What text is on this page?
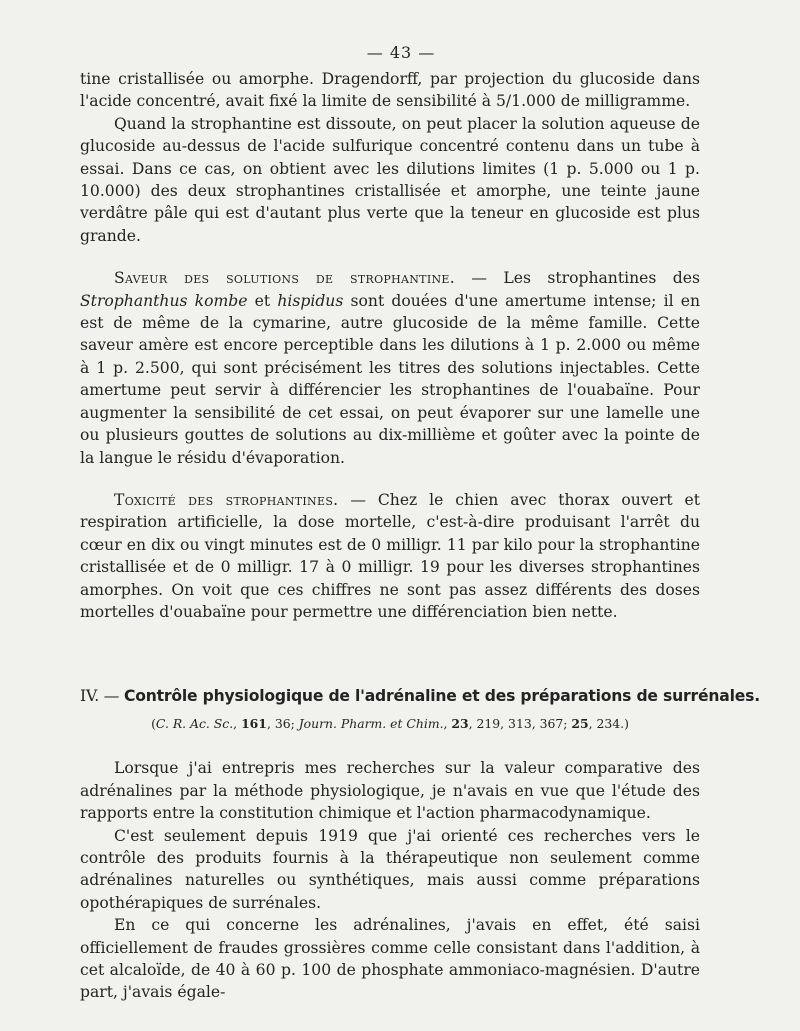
— 43 —

tine cristallisée ou amorphe. Dragendorff, par projection du glucoside dans l'acide concentré, avait fixé la limite de sensibilité à 5/1.000 de milligramme.

Quand la strophantine est dissoute, on peut placer la solution aqueuse de glucoside au-dessus de l'acide sulfurique concentré contenu dans un tube à essai. Dans ce cas, on obtient avec les dilutions limites (1 p. 5.000 ou 1 p. 10.000) des deux strophantines cristallisée et amorphe, une teinte jaune verdâtre pâle qui est d'autant plus verte que la teneur en glucoside est plus grande.

Saveur des solutions de strophantine. — Les strophantines des Strophanthus kombe et hispidus sont douées d'une amertume intense; il en est de même de la cymarine, autre glucoside de la même famille. Cette saveur amère est encore perceptible dans les dilutions à 1 p. 2.000 ou même à 1 p. 2.500, qui sont précisément les titres des solutions injectables. Cette amertume peut servir à différencier les strophantines de l'ouabaïne. Pour augmenter la sensibilité de cet essai, on peut évaporer sur une lamelle une ou plusieurs gouttes de solutions au dix-millième et goûter avec la pointe de la langue le résidu d'évaporation.

Toxicité des strophantines. — Chez le chien avec thorax ouvert et respiration artificielle, la dose mortelle, c'est-à-dire produisant l'arrêt du cœur en dix ou vingt minutes est de 0 milligr. 11 par kilo pour la strophantine cristallisée et de 0 milligr. 17 à 0 milligr. 19 pour les diverses strophantines amorphes. On voit que ces chiffres ne sont pas assez différents des doses mortelles d'ouabaïne pour permettre une différenciation bien nette.

IV. — Contrôle physiologique de l'adrénaline et des préparations de surrénales.
(C. R. Ac. Sc., 161, 36; Journ. Pharm. et Chim., 23, 219, 313, 367; 25, 234.)

Lorsque j'ai entrepris mes recherches sur la valeur comparative des adrénalines par la méthode physiologique, je n'avais en vue que l'étude des rapports entre la constitution chimique et l'action pharmacodynamique.

C'est seulement depuis 1919 que j'ai orienté ces recherches vers le contrôle des produits fournis à la thérapeutique non seulement comme adrénalines naturelles ou synthétiques, mais aussi comme préparations opothérapiques de surrénales.

En ce qui concerne les adrénalines, j'avais en effet, été saisi officiellement de fraudes grossières comme celle consistant dans l'addition, à cet alcaloïde, de 40 à 60 p. 100 de phosphate ammoniaco-magnésien. D'autre part, j'avais égale-
